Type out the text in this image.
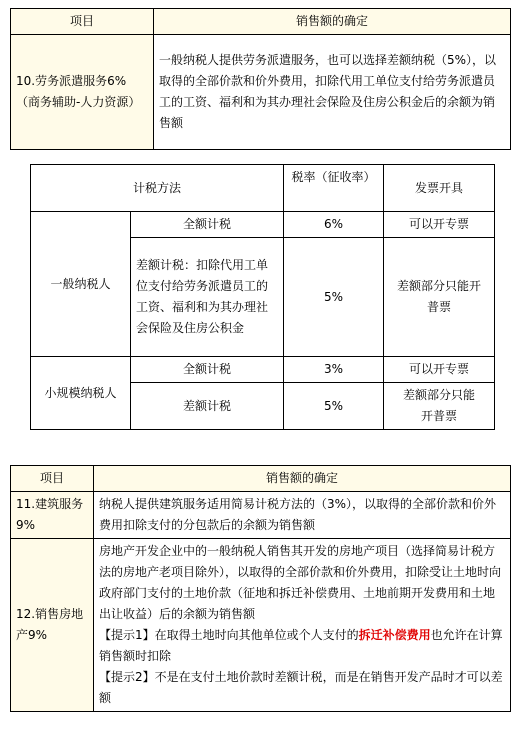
项目	销售额的确定
10.劳务派遣服务6%（商务辅助-人力资源）	一般纳税人提供劳务派遣服务，也可以选择差额纳税（5%），以取得的全部价款和价外费用，扣除代用工单位支付给劳务派遣员工的工资、福利和为其办理社会保险及住房公积金后的余额为销售额
计税方法		税率（征收率）	发票开具
一般纳税人	全额计税	6%	可以开专票
	差额计税：扣除代用工单位支付给劳务派遣员工的工资、福利和为其办理社会保险及住房公积金	5%	差额部分只能开普票
小规模纳税人	全额计税	3%	可以开专票
	差额计税	5%	差额部分只能开普票
项目	销售额的确定
11.建筑服务9%	纳税人提供建筑服务适用简易计税方法的（3%），以取得的全部价款和价外费用扣除支付的分包款后的余额为销售额
12.销售房地产9%	房地产开发企业中的一般纳税人销售其开发的房地产项目（选择简易计税方法的房地产老项目除外），以取得的全部价款和价外费用，扣除受让土地时向政府部门支付的土地价款（征地和拆迁补偿费用、土地前期开发费用和土地出让收益）后的余额为销售额
【提示1】在取得土地时向其他单位或个人支付的拆迁补偿费用也允许在计算销售额时扣除
【提示2】不是在支付土地价款时差额计税，而是在销售开发产品时才可以差额
